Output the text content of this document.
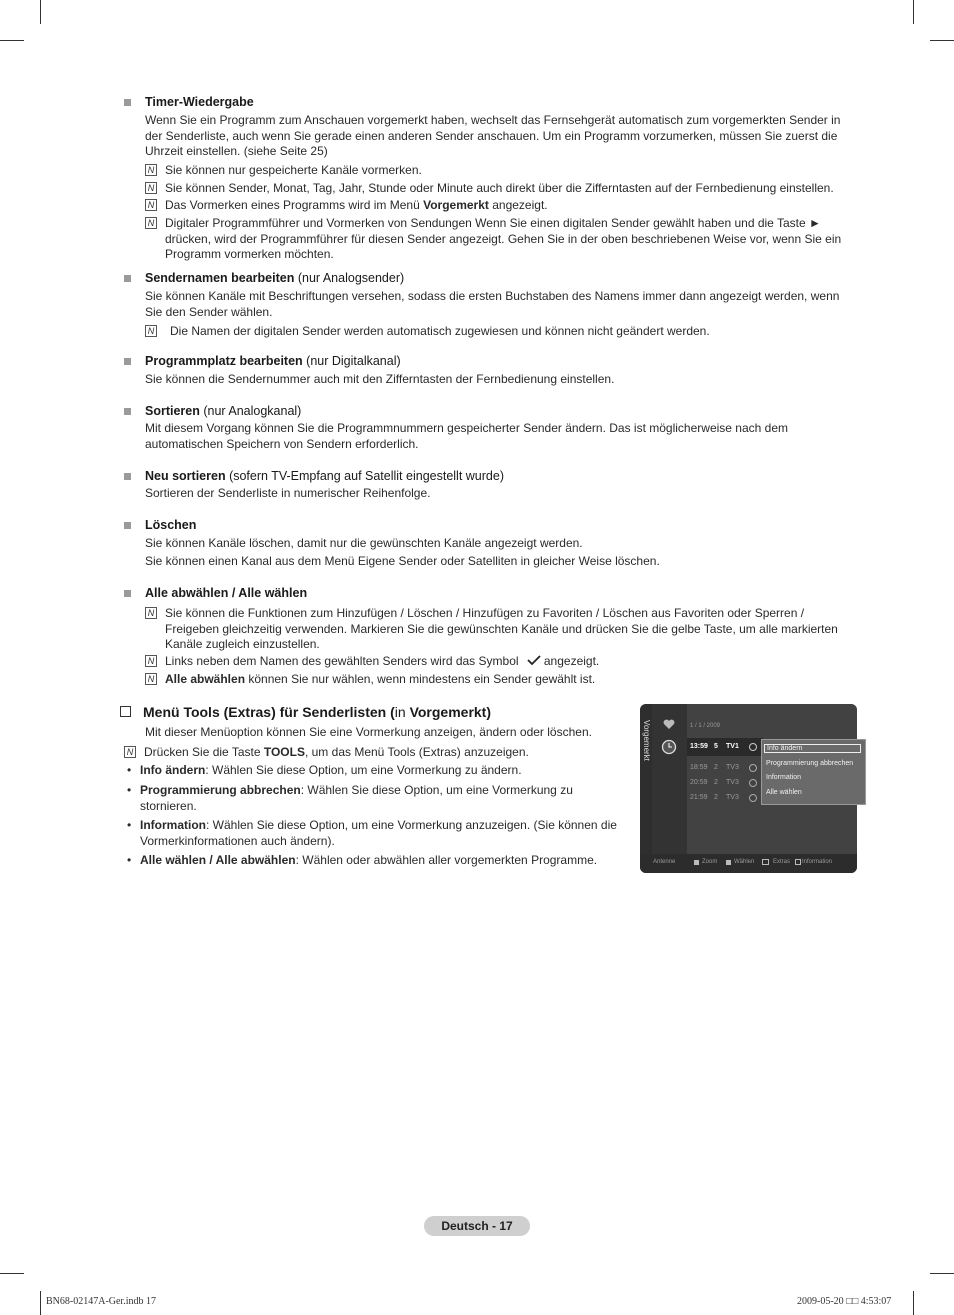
Timer-Wiedergabe
Wenn Sie ein Programm zum Anschauen vorgemerkt haben, wechselt das Fernsehgerät automatisch zum vorgemerkten Sender in der Senderliste, auch wenn Sie gerade einen anderen Sender anschauen. Um ein Programm vorzumerken, müssen Sie zuerst die Uhrzeit einstellen. (siehe Seite 25)
N Sie können nur gespeicherte Kanäle vormerken.
N Sie können Sender, Monat, Tag, Jahr, Stunde oder Minute auch direkt über die Zifferntasten auf der Fernbedienung einstellen.
N Das Vormerken eines Programms wird im Menü Vorgemerkt angezeigt.
N Digitaler Programmführer und Vormerken von Sendungen Wenn Sie einen digitalen Sender gewählt haben und die Taste ► drücken, wird der Programmführer für diesen Sender angezeigt. Gehen Sie in der oben beschriebenen Weise vor, wenn Sie ein Programm vormerken möchten.
Sendernamen bearbeiten (nur Analogsender)
Sie können Kanäle mit Beschriftungen versehen, sodass die ersten Buchstaben des Namens immer dann angezeigt werden, wenn Sie den Sender wählen.
N Die Namen der digitalen Sender werden automatisch zugewiesen und können nicht geändert werden.
Programmplatz bearbeiten (nur Digitalkanal)
Sie können die Sendernummer auch mit den Zifferntasten der Fernbedienung einstellen.
Sortieren (nur Analogkanal)
Mit diesem Vorgang können Sie die Programmnummern gespeicherter Sender ändern. Das ist möglicherweise nach dem automatischen Speichern von Sendern erforderlich.
Neu sortieren (sofern TV-Empfang auf Satellit eingestellt wurde)
Sortieren der Senderliste in numerischer Reihenfolge.
Löschen
Sie können Kanäle löschen, damit nur die gewünschten Kanäle angezeigt werden.
Sie können einen Kanal aus dem Menü Eigene Sender oder Satelliten in gleicher Weise löschen.
Alle abwählen / Alle wählen
N Sie können die Funktionen zum Hinzufügen / Löschen / Hinzufügen zu Favoriten / Löschen aus Favoriten oder Sperren / Freigeben gleichzeitig verwenden. Markieren Sie die gewünschten Kanäle und drücken Sie die gelbe Taste, um alle markierten Kanäle zugleich einzustellen.
N Links neben dem Namen des gewählten Senders wird das Symbol angezeigt.
N Alle abwählen können Sie nur wählen, wenn mindestens ein Sender gewählt ist.
Menü Tools (Extras) für Senderlisten (in Vorgemerkt)
Mit dieser Menüoption können Sie eine Vormerkung anzeigen, ändern oder löschen.
N Drücken Sie die Taste TOOLS, um das Menü Tools (Extras) anzuzeigen.
• Info ändern: Wählen Sie diese Option, um eine Vormerkung zu ändern.
• Programmierung abbrechen: Wählen Sie diese Option, um eine Vormerkung zu stornieren.
• Information: Wählen Sie diese Option, um eine Vormerkung anzuzeigen. (Sie können die Vormerkinformationen auch ändern).
• Alle wählen / Alle abwählen: Wählen oder abwählen aller vorgemerkten Programme.
Vorgemerkt	1 / 1 / 2009
13:59 5 TV1
18:59 2 TV3
20:59 2 TV3
21:59 2 TV3
Info ändern
Programmierung abbrechen
Information
Alle wählen
Antenne	Zoom	Wählen	Extras Information
Deutsch - 17
BN68-02147A-Ger.indb 17	2009-05-20 □□ 4:53:07
